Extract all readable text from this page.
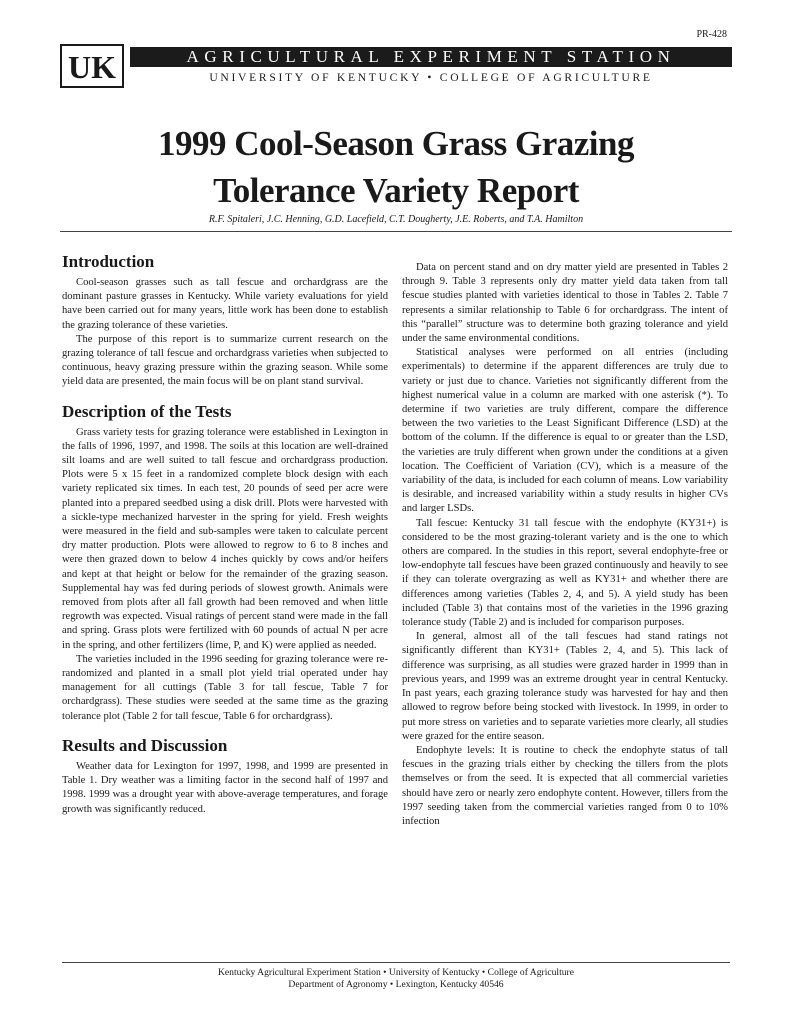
PR-428
UK	AGRICULTURAL EXPERIMENT STATION
UNIVERSITY OF KENTUCKY • COLLEGE OF AGRICULTURE
1999 Cool-Season Grass Grazing
Tolerance Variety Report
R.F. Spitaleri, J.C. Henning, G.D. Lacefield, C.T. Dougherty, J.E. Roberts, and T.A. Hamilton
Introduction

Cool-season grasses such as tall fescue and orchardgrass are the dominant pasture grasses in Kentucky. While variety evaluations for yield have been carried out for many years, little work has been done to establish the grazing tolerance of these varieties.

The purpose of this report is to summarize current research on the grazing tolerance of tall fescue and orchardgrass varieties when subjected to continuous, heavy grazing pressure within the grazing season. While some yield data are presented, the main focus will be on plant stand survival.

Description of the Tests

Grass variety tests for grazing tolerance were established in Lexington in the falls of 1996, 1997, and 1998. The soils at this location are well-drained silt loams and are well suited to tall fescue and orchardgrass production. Plots were 5 x 15 feet in a randomized complete block design with each variety replicated six times. In each test, 20 pounds of seed per acre were planted into a prepared seedbed using a disk drill. Plots were harvested with a sickle-type mechanized harvester in the spring for yield. Fresh weights were measured in the field and sub-samples were taken to calculate percent dry matter production. Plots were allowed to regrow to 6 to 8 inches and were then grazed down to below 4 inches quickly by cows and/or heifers and kept at that height or below for the remainder of the grazing season. Supplemental hay was fed during periods of slowest growth. Animals were removed from plots after all fall growth had been removed and when little regrowth was expected. Visual ratings of percent stand were made in the fall and spring. Grass plots were fertilized with 60 pounds of actual N per acre in the spring, and other fertilizers (lime, P, and K) were applied as needed.

The varieties included in the 1996 seeding for grazing tolerance were re-randomized and planted in a small plot yield trial operated under hay management for all cuttings (Table 3 for tall fescue, Table 7 for orchardgrass). These studies were seeded at the same time as the grazing tolerance plot (Table 2 for tall fescue, Table 6 for orchardgrass).

Results and Discussion

Weather data for Lexington for 1997, 1998, and 1999 are presented in Table 1. Dry weather was a limiting factor in the second half of 1997 and 1998. 1999 was a drought year with above-average temperatures, and forage growth was significantly reduced.

Data on percent stand and on dry matter yield are presented in Tables 2 through 9. Table 3 represents only dry matter yield data taken from tall fescue studies planted with varieties identical to those in Tables 2. Table 7 represents a similar relationship to Table 6 for orchardgrass. The intent of this “parallel” structure was to determine both grazing tolerance and yield under the same environmental conditions.

Statistical analyses were performed on all entries (including experimentals) to determine if the apparent differences are truly due to variety or just due to chance. Varieties not significantly different from the highest numerical value in a column are marked with one asterisk (*). To determine if two varieties are truly different, compare the difference between the two varieties to the Least Significant Difference (LSD) at the bottom of the column. If the difference is equal to or greater than the LSD, the varieties are truly different when grown under the conditions at a given location. The Coefficient of Variation (CV), which is a measure of the variability of the data, is included for each column of means. Low variability is desirable, and increased variability within a study results in higher CVs and larger LSDs.

Tall fescue: Kentucky 31 tall fescue with the endophyte (KY31+) is considered to be the most grazing-tolerant variety and is the one to which others are compared. In the studies in this report, several endophyte-free or low-endophyte tall fescues have been grazed continuously and heavily to see if they can tolerate overgrazing as well as KY31+ and whether there are differences among varieties (Tables 2, 4, and 5). A yield study has been included (Table 3) that contains most of the varieties in the 1996 grazing tolerance study (Table 2) and is included for comparison purposes.

In general, almost all of the tall fescues had stand ratings not significantly different than KY31+ (Tables 2, 4, and 5). This lack of difference was surprising, as all studies were grazed harder in 1999 than in previous years, and 1999 was an extreme drought year in central Kentucky. In past years, each grazing tolerance study was harvested for hay and then allowed to regrow before being stocked with livestock. In 1999, in order to put more stress on varieties and to separate varieties more clearly, all studies were grazed for the entire season.

Endophyte levels: It is routine to check the endophyte status of tall fescues in the grazing trials either by checking the tillers from the plots themselves or from the seed. It is expected that all commercial varieties should have zero or nearly zero endophyte content. However, tillers from the 1997 seeding taken from the commercial varieties ranged from 0 to 10% infection

Kentucky Agricultural Experiment Station • University of Kentucky • College of Agriculture
Department of Agronomy • Lexington, Kentucky 40546
